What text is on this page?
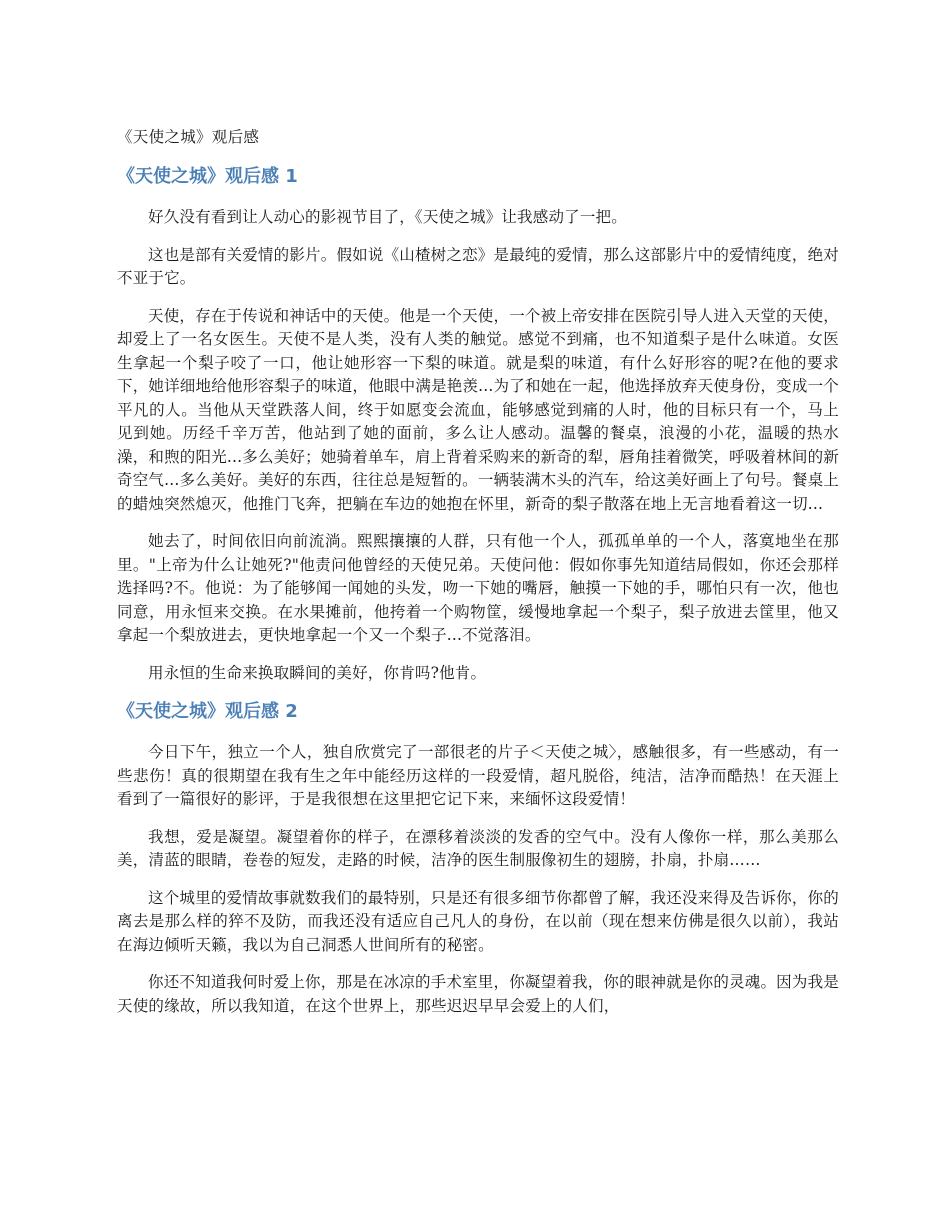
《天使之城》观后感
《天使之城》观后感 1

好久没有看到让人动心的影视节目了，《天使之城》让我感动了一把。

这也是部有关爱情的影片。假如说《山楂树之恋》是最纯的爱情，那么这部影片中的爱情纯度，绝对不亚于它。

天使，存在于传说和神话中的天使。他是一个天使，一个被上帝安排在医院引导人进入天堂的天使，却爱上了一名女医生。天使不是人类，没有人类的触觉。感觉不到痛，也不知道梨子是什么味道。女医生拿起一个梨子咬了一口，他让她形容一下梨的味道。就是梨的味道，有什么好形容的呢?在他的要求下，她详细地给他形容梨子的味道，他眼中满是艳羡...为了和她在一起，他选择放弃天使身份，变成一个平凡的人。当他从天堂跌落人间，终于如愿变会流血，能够感觉到痛的人时，他的目标只有一个，马上见到她。历经千辛万苦，他站到了她的面前，多么让人感动。温馨的餐桌，浪漫的小花，温暖的热水澡，和煦的阳光...多么美好；她骑着单车，肩上背着采购来的新奇的犁，唇角挂着微笑，呼吸着林间的新奇空气...多么美好。美好的东西，往往总是短暂的。一辆装满木头的汽车，给这美好画上了句号。餐桌上的蜡烛突然熄灭，他推门飞奔，把躺在车边的她抱在怀里，新奇的梨子散落在地上无言地看着这一切...

她去了，时间依旧向前流淌。熙熙攘攘的人群，只有他一个人，孤孤单单的一个人，落寞地坐在那里。"上帝为什么让她死?"他责问他曾经的天使兄弟。天使问他：假如你事先知道结局假如，你还会那样选择吗?不。他说：为了能够闻一闻她的头发，吻一下她的嘴唇，触摸一下她的手，哪怕只有一次，他也同意，用永恒来交换。在水果摊前，他挎着一个购物筐，缓慢地拿起一个梨子，梨子放进去筐里，他又拿起一个梨放进去，更快地拿起一个又一个梨子...不觉落泪。

用永恒的生命来换取瞬间的美好，你肯吗?他肯。

《天使之城》观后感 2

今日下午，独立一个人，独自欣赏完了一部很老的片子＜天使之城〉，感触很多，有一些感动，有一些悲伤！真的很期望在我有生之年中能经历这样的一段爱情，超凡脱俗，纯洁，洁净而酷热！在天涯上看到了一篇很好的影评，于是我很想在这里把它记下来，来缅怀这段爱情！

我想，爱是凝望。凝望着你的样子，在漂移着淡淡的发香的空气中。没有人像你一样，那么美那么美，清蓝的眼睛，卷卷的短发，走路的时候，洁净的医生制服像初生的翅膀，扑扇，扑扇……

这个城里的爱情故事就数我们的最特别，只是还有很多细节你都曾了解，我还没来得及告诉你，你的离去是那么样的猝不及防，而我还没有适应自己凡人的身份，在以前（现在想来仿佛是很久以前），我站在海边倾听天籁，我以为自己洞悉人世间所有的秘密。

你还不知道我何时爱上你，那是在冰凉的手术室里，你凝望着我，你的眼神就是你的灵魂。因为我是天使的缘故，所以我知道，在这个世界上，那些迟迟早早会爱上的人们，
